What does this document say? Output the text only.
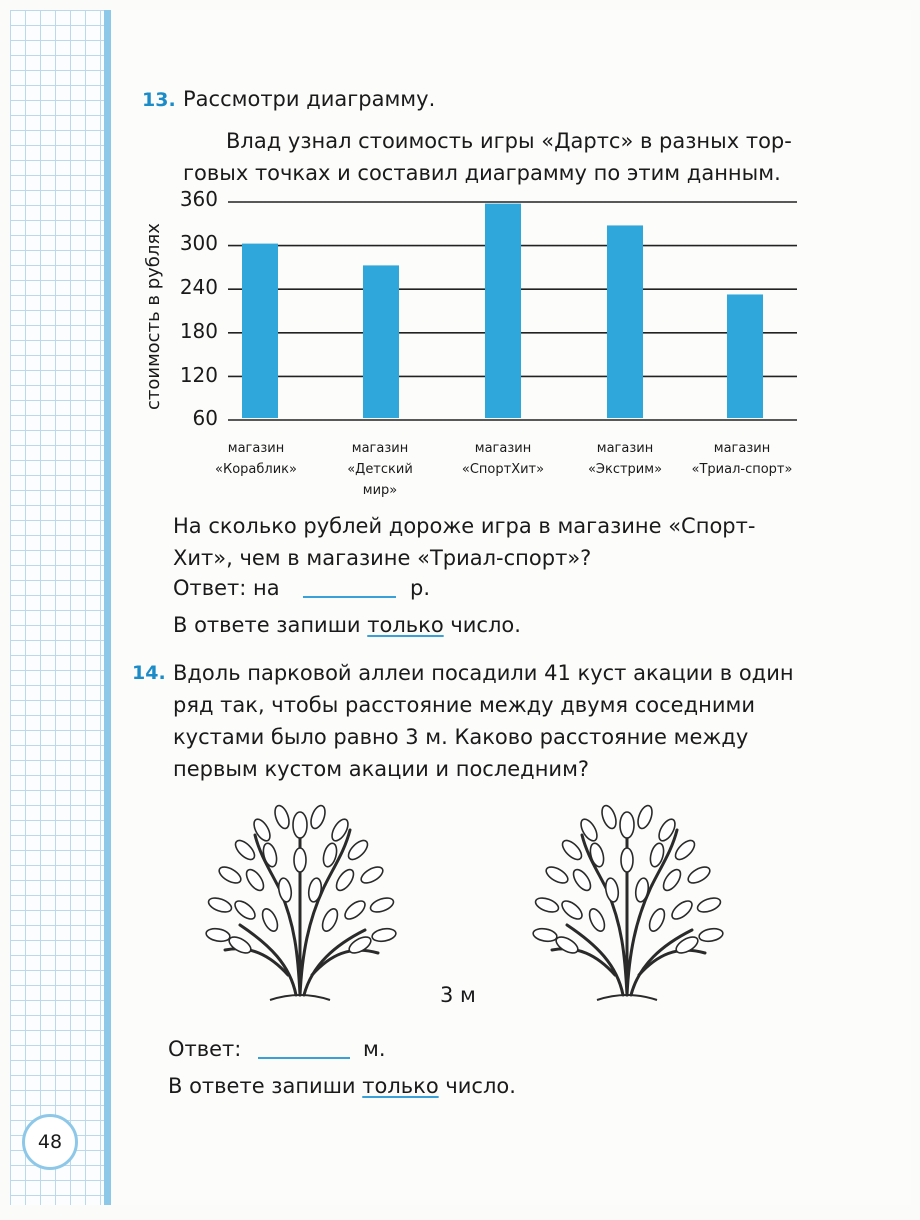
13. Рассмотри диаграмму.
Влад узнал стоимость игры «Дартс» в разных тор-
говых точках и составил диаграмму по этим данным.
стоимость в рублях
360
300
240
180
120
60
магазин
«Кораблик»
магазин
«Детский
мир»
магазин
«СпортХит»
магазин
«Экстрим»
магазин
«Триал-спорт»
На сколько рублей дороже игра в магазине «Спорт-
Хит», чем в магазине «Триал-спорт»?
Ответ: на	р.
В ответе запиши только число.
14. Вдоль парковой аллеи посадили 41 куст акации в один
ряд так, чтобы расстояние между двумя соседними
кустами было равно 3 м. Каково расстояние между
первым кустом акации и последним?
3 м
Ответ:	м.
В ответе запиши только число.
48
